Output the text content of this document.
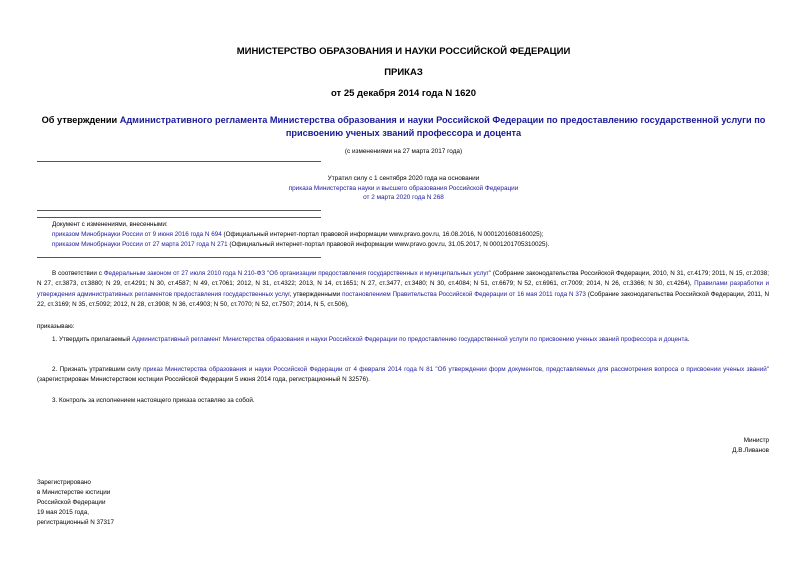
МИНИСТЕРСТВО ОБРАЗОВАНИЯ И НАУКИ РОССИЙСКОЙ ФЕДЕРАЦИИ
ПРИКАЗ
от 25 декабря 2014 года N 1620
Об утверждении Административного регламента Министерства образования и науки Российской Федерации по предоставлению государственной услуги по присвоению ученых званий профессора и доцента
(с изменениями на 27 марта 2017 года)
Утратил силу с 1 сентября 2020 года на основании
приказа Министерства науки и высшего образования Российской Федерации
от 2 марта 2020 года N 268
Документ с изменениями, внесенными:
приказом Минобрнауки России от 9 июня 2016 года N 694 (Официальный интернет-портал правовой информации www.pravo.gov.ru, 16.08.2016, N 0001201608160025);
приказом Минобрнауки России от 27 марта 2017 года N 271 (Официальный интернет-портал правовой информации www.pravo.gov.ru, 31.05.2017, N 0001201705310025).
В соответствии с Федеральным законом от 27 июля 2010 года N 210-ФЗ "Об организации предоставления государственных и муниципальных услуг" (Собрание законодательства Российской Федерации, 2010, N 31, ст.4179; 2011, N 15, ст.2038; N 27, ст.3873, ст.3880; N 29, ст.4291; N 30, ст.4587; N 49, ст.7061; 2012, N 31, ст.4322; 2013, N 14, ст.1651; N 27, ст.3477, ст.3480; N 30, ст.4084; N 51, ст.6679; N 52, ст.6961, ст.7009; 2014, N 26, ст.3366; N 30, ст.4264), Правилами разработки и утверждения административных регламентов предоставления государственных услуг, утвержденными постановлением Правительства Российской Федерации от 16 мая 2011 года N 373 (Собрание законодательства Российской Федерации, 2011, N 22, ст.3169; N 35, ст.5092; 2012, N 28, ст.3908; N 36, ст.4903; N 50, ст.7070; N 52, ст.7507; 2014, N 5, ст.506),
приказываю:
1. Утвердить прилагаемый Административный регламент Министерства образования и науки Российской Федерации по предоставлению государственной услуги по присвоению ученых званий профессора и доцента.
2. Признать утратившим силу приказ Министерства образования и науки Российской Федерации от 4 февраля 2014 года N 81 "Об утверждении форм документов, представляемых для рассмотрения вопроса о присвоении ученых званий" (зарегистрирован Министерством юстиции Российской Федерации 5 июня 2014 года, регистрационный N 32576).
3. Контроль за исполнением настоящего приказа оставляю за собой.
Министр
Д.В.Ливанов
Зарегистрировано
в Министерстве юстиции
Российской Федерации
19 мая 2015 года,
регистрационный N 37317
